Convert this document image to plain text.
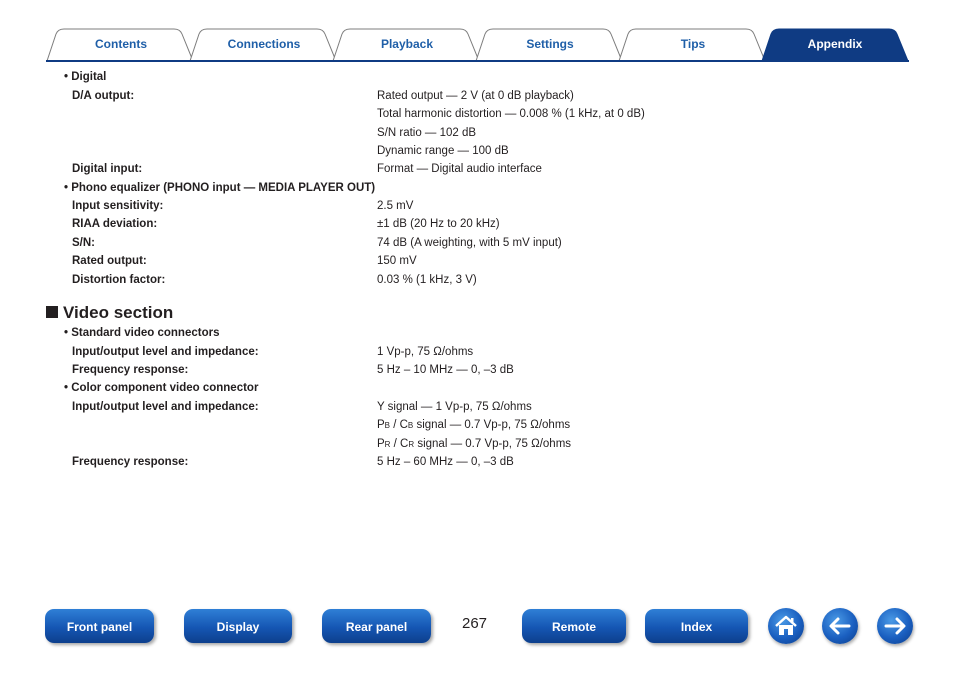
Contents	Connections	Playback	Settings	Tips	Appendix
• Digital
D/A output:	Rated output — 2 V (at 0 dB playback)
Total harmonic distortion — 0.008 % (1 kHz, at 0 dB)
S/N ratio — 102 dB
Dynamic range — 100 dB
Digital input:	Format — Digital audio interface
• Phono equalizer (PHONO input — MEDIA PLAYER OUT)
Input sensitivity:	2.5 mV
RIAA deviation:	±1 dB (20 Hz to 20 kHz)
S/N:	74 dB (A weighting, with 5 mV input)
Rated output:	150 mV
Distortion factor:	0.03 % (1 kHz, 3 V)
Video section
• Standard video connectors
Input/output level and impedance:	1 Vp-p, 75 Ω/ohms
Frequency response:	5 Hz – 10 MHz — 0, –3 dB
• Color component video connector
Input/output level and impedance:	Y signal — 1 Vp-p, 75 Ω/ohms
PB / CB signal — 0.7 Vp-p, 75 Ω/ohms
PR / CR signal — 0.7 Vp-p, 75 Ω/ohms
Frequency response:	5 Hz – 60 MHz — 0, –3 dB
Front panel	Display	Rear panel	267	Remote	Index
